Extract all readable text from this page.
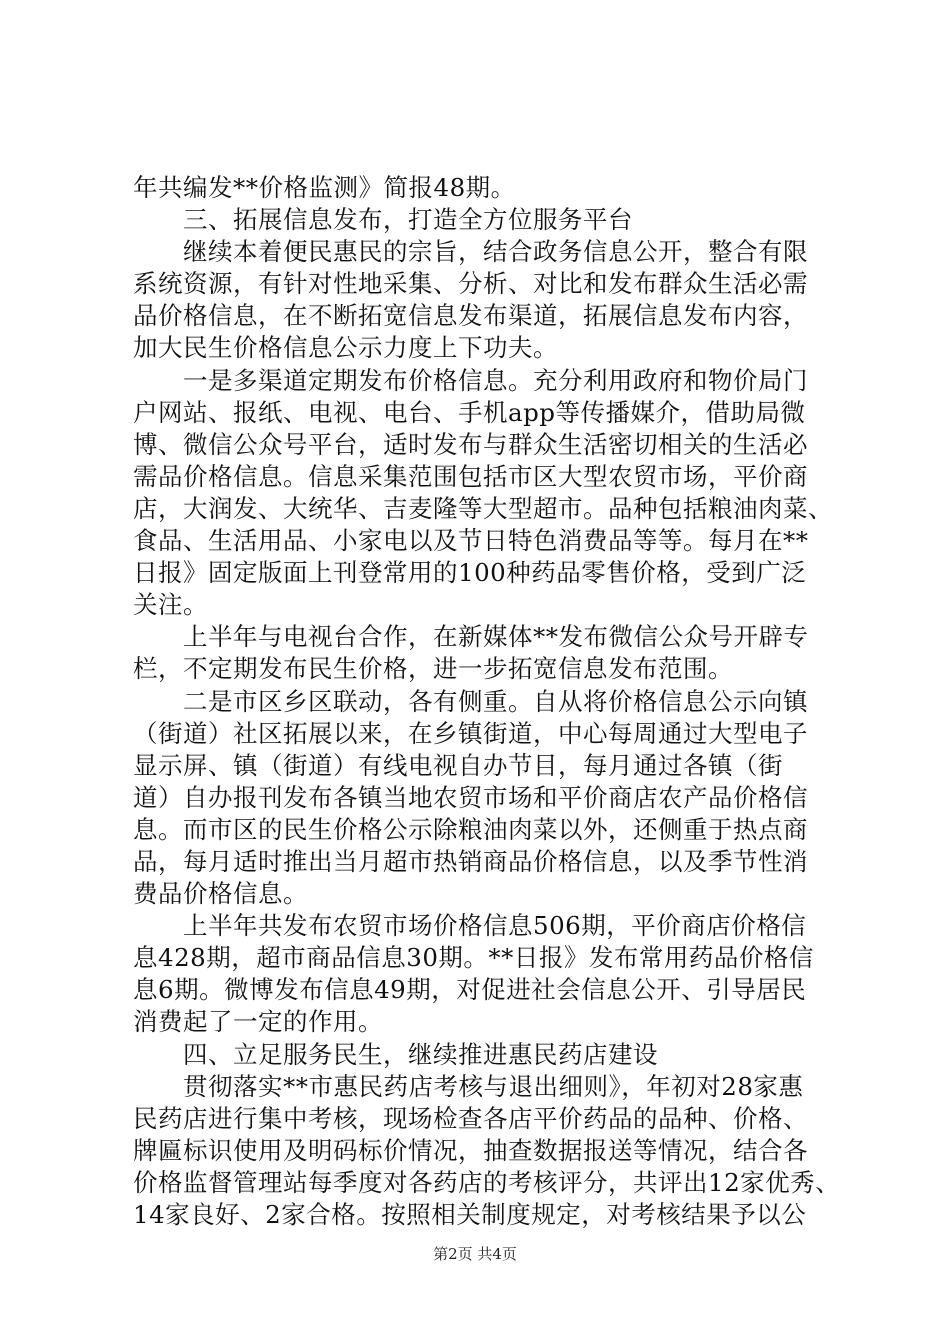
年共编发**价格监测》简报48期。
　　三、拓展信息发布，打造全方位服务平台
　　继续本着便民惠民的宗旨，结合政务信息公开，整合有限
系统资源，有针对性地采集、分析、对比和发布群众生活必需
品价格信息，在不断拓宽信息发布渠道，拓展信息发布内容，
加大民生价格信息公示力度上下功夫。
　　一是多渠道定期发布价格信息。充分利用政府和物价局门
户网站、报纸、电视、电台、手机app等传播媒介，借助局微
博、微信公众号平台，适时发布与群众生活密切相关的生活必
需品价格信息。信息采集范围包括市区大型农贸市场，平价商
店，大润发、大统华、吉麦隆等大型超市。品种包括粮油肉菜、
食品、生活用品、小家电以及节日特色消费品等等。每月在**
日报》固定版面上刊登常用的100种药品零售价格，受到广泛
关注。
　　上半年与电视台合作，在新媒体**发布微信公众号开辟专
栏，不定期发布民生价格，进一步拓宽信息发布范围。
　　二是市区乡区联动，各有侧重。自从将价格信息公示向镇
（街道）社区拓展以来，在乡镇街道，中心每周通过大型电子
显示屏、镇（街道）有线电视自办节目，每月通过各镇（街
道）自办报刊发布各镇当地农贸市场和平价商店农产品价格信
息。而市区的民生价格公示除粮油肉菜以外，还侧重于热点商
品，每月适时推出当月超市热销商品价格信息，以及季节性消
费品价格信息。
　　上半年共发布农贸市场价格信息506期，平价商店价格信
息428期，超市商品信息30期。**日报》发布常用药品价格信
息6期。微博发布信息49期，对促进社会信息公开、引导居民
消费起了一定的作用。
　　四、立足服务民生，继续推进惠民药店建设
　　贯彻落实**市惠民药店考核与退出细则》，年初对28家惠
民药店进行集中考核，现场检查各店平价药品的品种、价格、
牌匾标识使用及明码标价情况，抽查数据报送等情况，结合各
价格监督管理站每季度对各药店的考核评分，共评出12家优秀、
14家良好、2家合格。按照相关制度规定，对考核结果予以公
第2页 共4页
